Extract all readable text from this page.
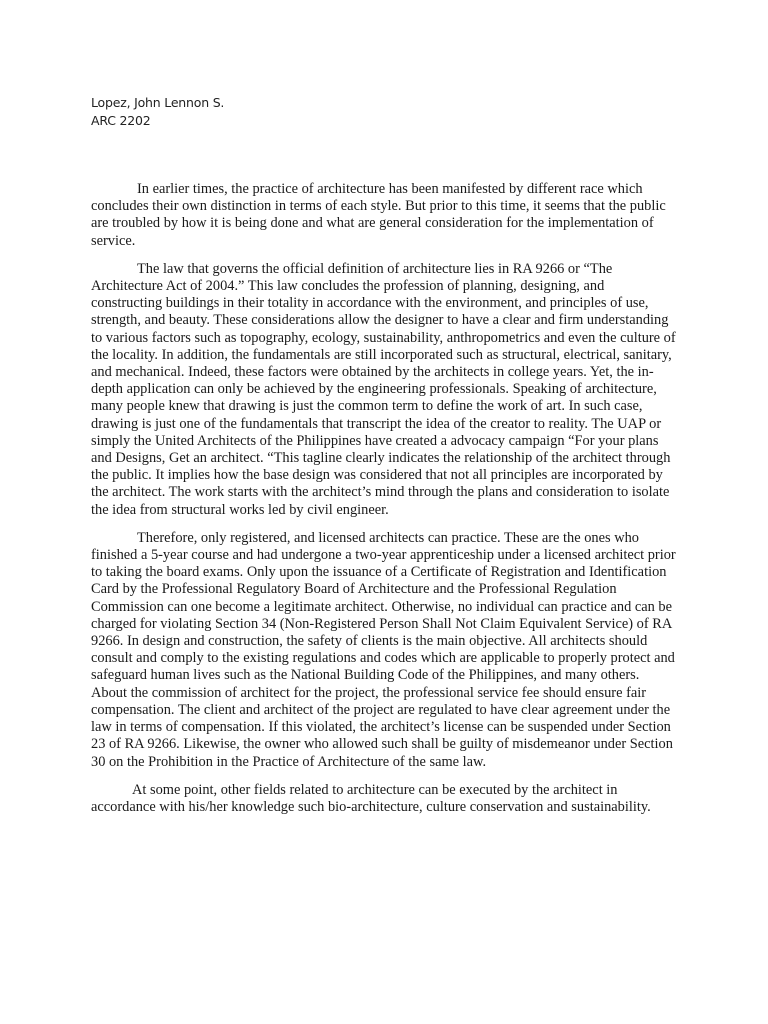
Lopez, John Lennon S.
ARC 2202

In earlier times, the practice of architecture has been manifested by different race which concludes their own distinction in terms of each style. But prior to this time, it seems that the public are troubled by how it is being done and what are general consideration for the implementation of service.

The law that governs the official definition of architecture lies in RA 9266 or “The Architecture Act of 2004.” This law concludes the profession of planning, designing, and constructing buildings in their totality in accordance with the environment, and principles of use, strength, and beauty. These considerations allow the designer to have a clear and firm understanding to various factors such as topography, ecology, sustainability, anthropometrics and even the culture of the locality. In addition, the fundamentals are still incorporated such as structural, electrical, sanitary, and mechanical. Indeed, these factors were obtained by the architects in college years. Yet, the in-depth application can only be achieved by the engineering professionals. Speaking of architecture, many people knew that drawing is just the common term to define the work of art. In such case, drawing is just one of the fundamentals that transcript the idea of the creator to reality. The UAP or simply the United Architects of the Philippines have created a advocacy campaign “For your plans and Designs, Get an architect. “This tagline clearly indicates the relationship of the architect through the public. It implies how the base design was considered that not all principles are incorporated by the architect. The work starts with the architect’s mind through the plans and consideration to isolate the idea from structural works led by civil engineer.

Therefore, only registered, and licensed architects can practice. These are the ones who finished a 5-year course and had undergone a two-year apprenticeship under a licensed architect prior to taking the board exams. Only upon the issuance of a Certificate of Registration and Identification Card by the Professional Regulatory Board of Architecture and the Professional Regulation Commission can one become a legitimate architect. Otherwise, no individual can practice and can be charged for violating Section 34 (Non-Registered Person Shall Not Claim Equivalent Service) of RA 9266. In design and construction, the safety of clients is the main objective. All architects should consult and comply to the existing regulations and codes which are applicable to properly protect and safeguard human lives such as the National Building Code of the Philippines, and many others. About the commission of architect for the project, the professional service fee should ensure fair compensation. The client and architect of the project are regulated to have clear agreement under the law in terms of compensation. If this violated, the architect’s license can be suspended under Section 23 of RA 9266. Likewise, the owner who allowed such shall be guilty of misdemeanor under Section 30 on the Prohibition in the Practice of Architecture of the same law.

At some point, other fields related to architecture can be executed by the architect in accordance with his/her knowledge such bio-architecture, culture conservation and sustainability.
